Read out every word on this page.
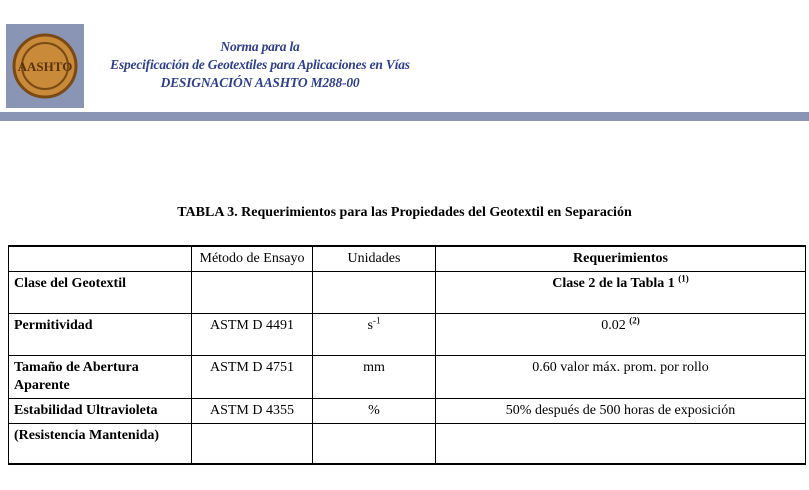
AASHTO
Norma para la
Especificación de Geotextiles para Aplicaciones en Vías
DESIGNACIÓN AASHTO M288-00
TABLA 3. Requerimientos para las Propiedades del Geotextil en Separación
	Método de Ensayo	Unidades	Requerimientos
Clase del Geotextil			Clase 2 de la Tabla 1 $^{(1)}$
Permitividad	ASTM D 4491	$s^{-1}$	0.02 $^{(2)}$
Tamaño de Abertura Aparente	ASTM D 4751	mm	0.60 valor máx. prom. por rollo
Estabilidad Ultravioleta	ASTM D 4355	%	50% después de 500 horas de exposición
(Resistencia Mantenida)			
